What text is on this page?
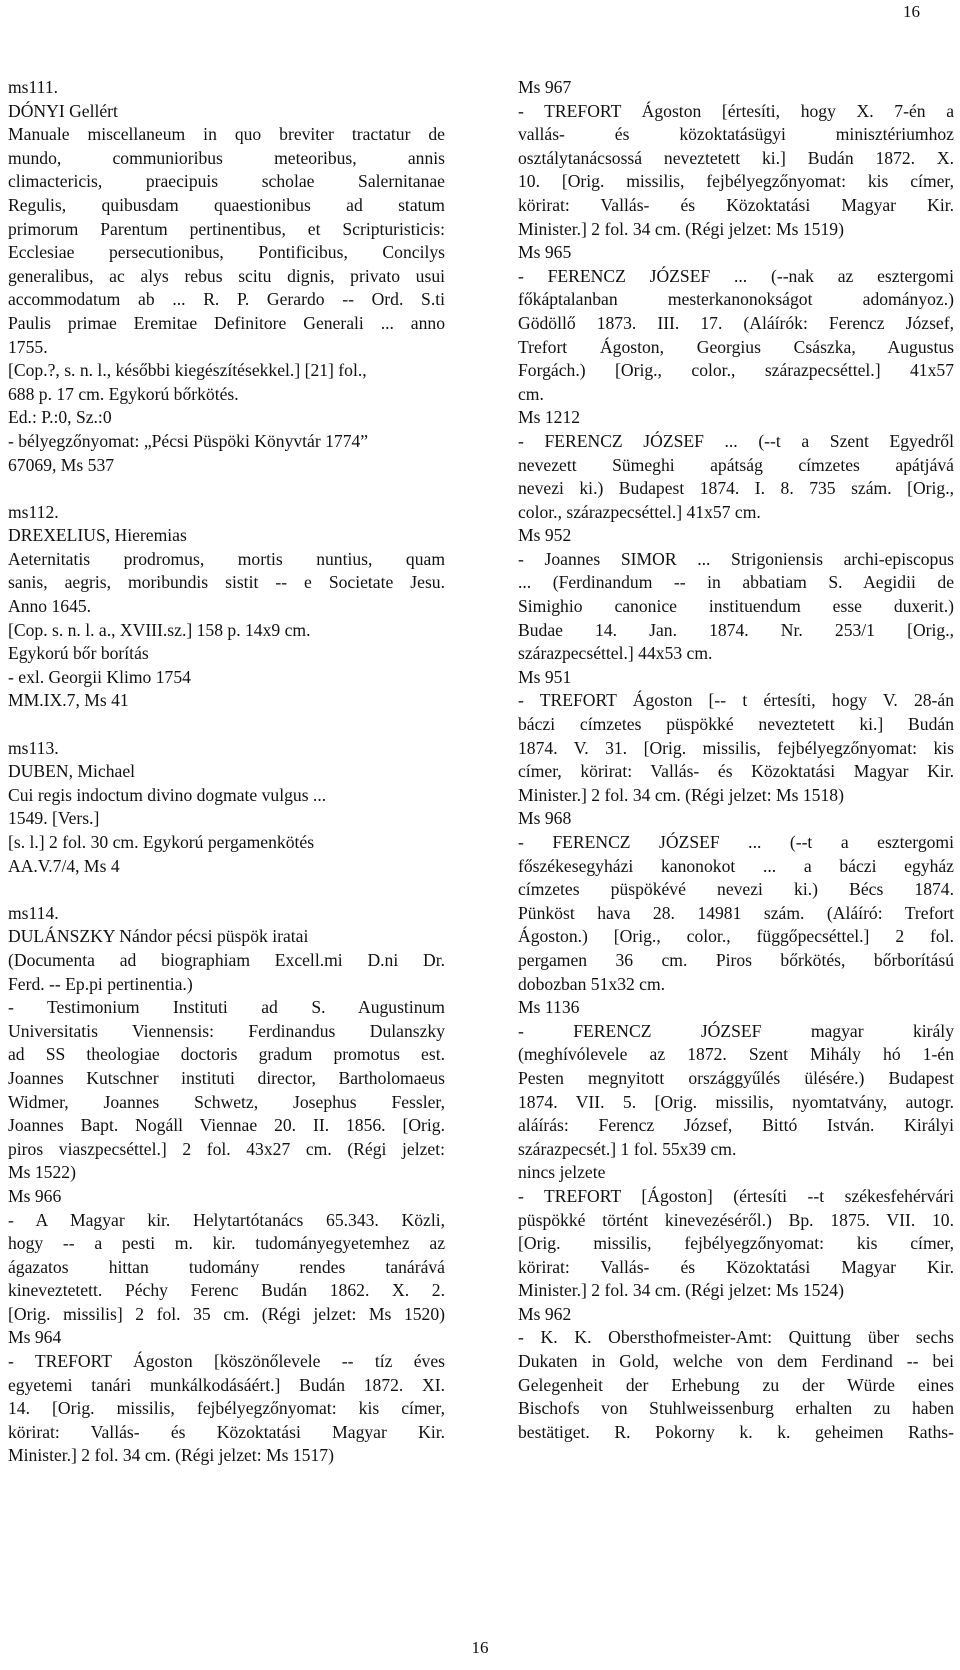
16
ms111.
DÓNYI Gellért
Manuale miscellaneum in quo breviter tractatur de
mundo, communioribus meteoribus, annis
climactericis, praecipuis scholae Salernitanae
Regulis, quibusdam quaestionibus ad statum
primorum Parentum pertinentibus, et Scripturisticis:
Ecclesiae persecutionibus, Pontificibus, Concilys
generalibus, ac alys rebus scitu dignis, privato usui
accommodatum ab ... R. P. Gerardo -- Ord. S.ti
Paulis primae Eremitae Definitore Generali ... anno
1755.
[Cop.?, s. n. l., későbbi kiegészítésekkel.] [21] fol.,
688 p. 17 cm. Egykorú bőrkötés.
Ed.: P.:0, Sz.:0
- bélyegzőnyomat: „Pécsi Püspöki Könyvtár 1774”
67069, Ms 537
ms112.
DREXELIUS, Hieremias
Aeternitatis prodromus, mortis nuntius, quam
sanis, aegris, moribundis sistit -- e Societate Jesu.
Anno 1645.
[Cop. s. n. l. a., XVIII.sz.] 158 p. 14x9 cm.
Egykorú bőr borítás
- exl. Georgii Klimo 1754
MM.IX.7, Ms 41
ms113.
DUBEN, Michael
Cui regis indoctum divino dogmate vulgus ...
1549. [Vers.]
[s. l.] 2 fol. 30 cm. Egykorú pergamenkötés
AA.V.7/4, Ms 4
ms114.
DULÁNSZKY Nándor pécsi püspök iratai
(Documenta ad biographiam Excell.mi D.ni Dr.
Ferd. -- Ep.pi pertinentia.)
- Testimonium Instituti ad S. Augustinum
Universitatis Viennensis: Ferdinandus Dulanszky
ad SS theologiae doctoris gradum promotus est.
Joannes Kutschner instituti director, Bartholomaeus
Widmer, Joannes Schwetz, Josephus Fessler,
Joannes Bapt. Nogáll Viennae 20. II. 1856. [Orig.
piros viaszpecséttel.] 2 fol. 43x27 cm. (Régi jelzet:
Ms 1522)
Ms 966
- A Magyar kir. Helytartótanács 65.343. Közli,
hogy -- a pesti m. kir. tudományegyetemhez az
ágazatos hittan tudomány rendes tanárává
kineveztetett. Péchy Ferenc Budán 1862. X. 2.
[Orig. missilis] 2 fol. 35 cm. (Régi jelzet: Ms 1520)
Ms 964
- TREFORT Ágoston [köszönőlevele -- tíz éves
egyetemi tanári munkálkodásáért.] Budán 1872. XI.
14. [Orig. missilis, fejbélyegzőnyomat: kis címer,
körirat: Vallás- és Közoktatási Magyar Kir.
Minister.] 2 fol. 34 cm. (Régi jelzet: Ms 1517)
Ms 967
- TREFORT Ágoston [értesíti, hogy X. 7-én a
vallás- és közoktatásügyi minisztériumhoz
osztálytanácsossá neveztetett ki.] Budán 1872. X.
10. [Orig. missilis, fejbélyegzőnyomat: kis címer,
körirat: Vallás- és Közoktatási Magyar Kir.
Minister.] 2 fol. 34 cm. (Régi jelzet: Ms 1519)
Ms 965
- FERENCZ JÓZSEF ... (--nak az esztergomi
főkáptalanban mesterkanonokságot adományoz.)
Gödöllő 1873. III. 17. (Aláírók: Ferencz József,
Trefort Ágoston, Georgius Császka, Augustus
Forgách.) [Orig., color., szárazpecséttel.] 41x57
cm.
Ms 1212
- FERENCZ JÓZSEF ... (--t a Szent Egyedről
nevezett Sümeghi apátság címzetes apátjává
nevezi ki.) Budapest 1874. I. 8. 735 szám. [Orig.,
color., szárazpecséttel.] 41x57 cm.
Ms 952
- Joannes SIMOR ... Strigoniensis archi-episcopus
... (Ferdinandum -- in abbatiam S. Aegidii de
Simighio canonice instituendum esse duxerit.)
Budae 14. Jan. 1874. Nr. 253/1 [Orig.,
szárazpecséttel.] 44x53 cm.
Ms 951
- TREFORT Ágoston [-- t értesíti, hogy V. 28-án
báczi címzetes püspökké neveztetett ki.] Budán
1874. V. 31. [Orig. missilis, fejbélyegzőnyomat: kis
címer, körirat: Vallás- és Közoktatási Magyar Kir.
Minister.] 2 fol. 34 cm. (Régi jelzet: Ms 1518)
Ms 968
- FERENCZ JÓZSEF ... (--t a esztergomi
főszékesegyházi kanonokot ... a báczi egyház
címzetes püspökévé nevezi ki.) Bécs 1874.
Pünköst hava 28. 14981 szám. (Aláíró: Trefort
Ágoston.) [Orig., color., függőpecséttel.] 2 fol.
pergamen 36 cm. Piros bőrkötés, bőrborítású
dobozban 51x32 cm.
Ms 1136
- FERENCZ JÓZSEF magyar király
(meghívólevele az 1872. Szent Mihály hó 1-én
Pesten megnyitott országgyűlés ülésére.) Budapest
1874. VII. 5. [Orig. missilis, nyomtatvány, autogr.
aláírás: Ferencz József, Bittó István. Királyi
szárazpecsét.] 1 fol. 55x39 cm.
nincs jelzete
- TREFORT [Ágoston] (értesíti --t székesfehérvári
püspökké történt kinevezéséről.) Bp. 1875. VII. 10.
[Orig. missilis, fejbélyegzőnyomat: kis címer,
körirat: Vallás- és Közoktatási Magyar Kir.
Minister.] 2 fol. 34 cm. (Régi jelzet: Ms 1524)
Ms 962
- K. K. Obersthofmeister-Amt: Quittung über sechs
Dukaten in Gold, welche von dem Ferdinand -- bei
Gelegenheit der Erhebung zu der Würde eines
Bischofs von Stuhlweissenburg erhalten zu haben
bestätiget. R. Pokorny k. k. geheimen Raths-
16
